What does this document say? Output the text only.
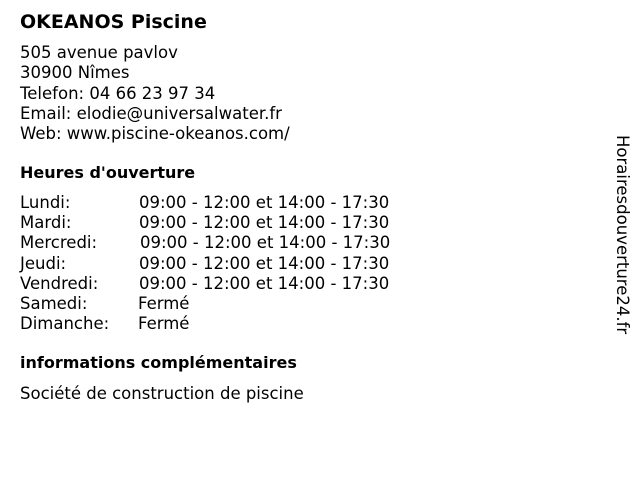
OKEANOS Piscine
505 avenue pavlov
30900 Nîmes
Telefon: 04 66 23 97 34
Email: elodie@universalwater.fr
Web: www.piscine-okeanos.com/
Heures d'ouverture
Lundi:	09:00 - 12:00 et 14:00 - 17:30
Mardi:	09:00 - 12:00 et 14:00 - 17:30
Mercredi:	09:00 - 12:00 et 14:00 - 17:30
Jeudi:	09:00 - 12:00 et 14:00 - 17:30
Vendredi: 09:00 - 12:00 et 14:00 - 17:30
Samedi:	Fermé
Dimanche: Fermé
informations complémentaires
Société de construction de piscine
Horairesdouverture24.fr
